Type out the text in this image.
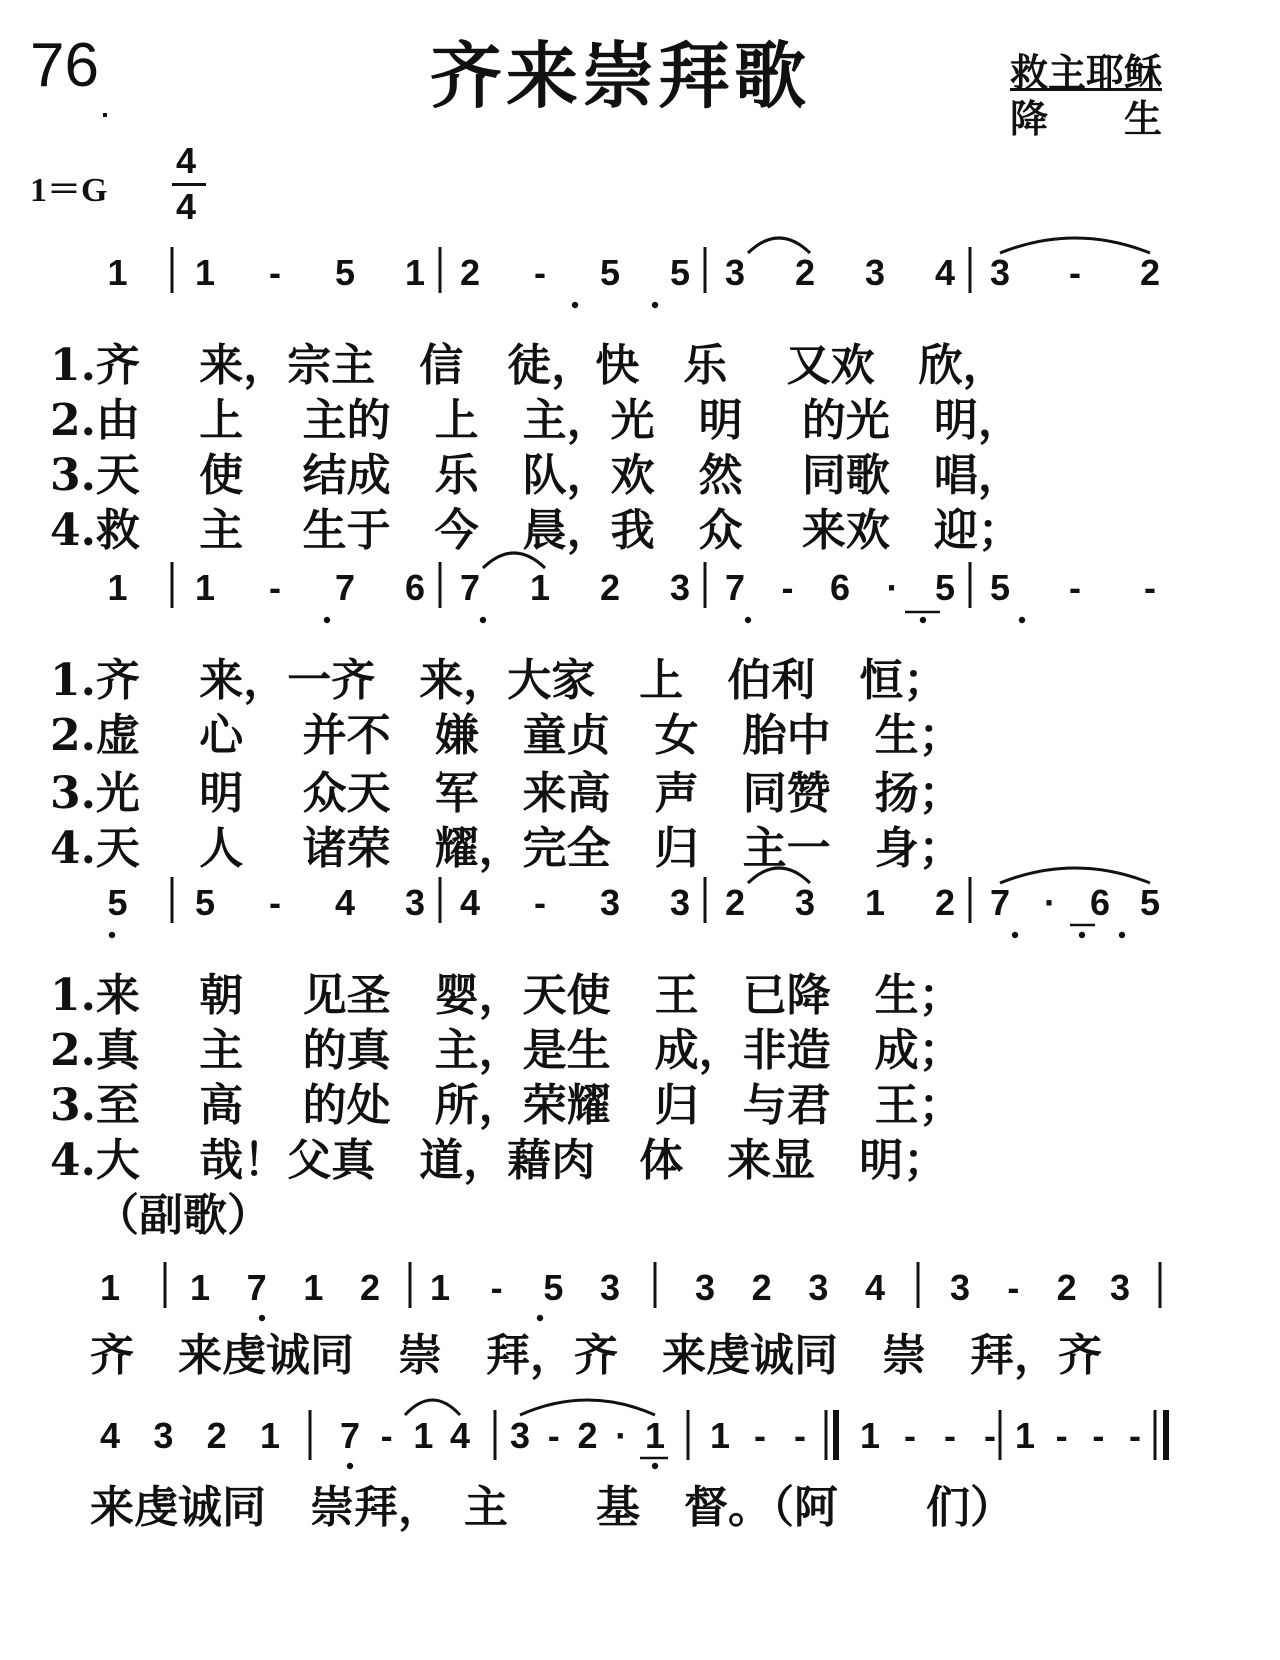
76	齐来崇拜歌	救主耶稣
降　　生
1＝G
4
4
1 1 - 5 1 2 - 5 5 3 2 3 4 3 - 2
1.齐　 来，宗主　信　徒，快　乐　 又欢　欣，
2.由　 上　 主的　上　主，光　明　 的光　明，
3.天　 使　 结成　乐　队，欢　然　 同歌　唱，
4.救　 主　 生于　今　晨，我　众　 来欢　迎；
1 1 - 7 6 7 1 2 3 7 - 6 · 5 5 - -
1.齐　 来，一齐　来，大家　上　伯利　恒；
2.虚　 心　 并不　嫌　童贞　女　胎中　生；
3.光　 明　 众天　军　来高　声　同赞　扬；
4.天　 人　 诸荣　耀，完全　归　主一　身；
5 5 - 4 3 4 - 3 3 2 3 1 2 7 · 6 5
1.来　 朝　 见圣　婴，天使　王　已降　生；
2.真　 主　 的真　主，是生　成，非造　成；
3.至　 高　 的处　所，荣耀　归　与君　王；
4.大　 哉！父真　道，藉肉　体　来显　明；
（副歌）
1 1 7 1 2 1 - 5 3 3 2 3 4 3 - 2 3
齐　来虔诚同　崇　拜，齐　来虔诚同　崇　拜，齐
4 3 2 1 7 - 1 4 3 - 2 · 1 1 - - 1 - - - 1 - - -
来虔诚同　崇拜，　主　　基　督。（阿　　们）
